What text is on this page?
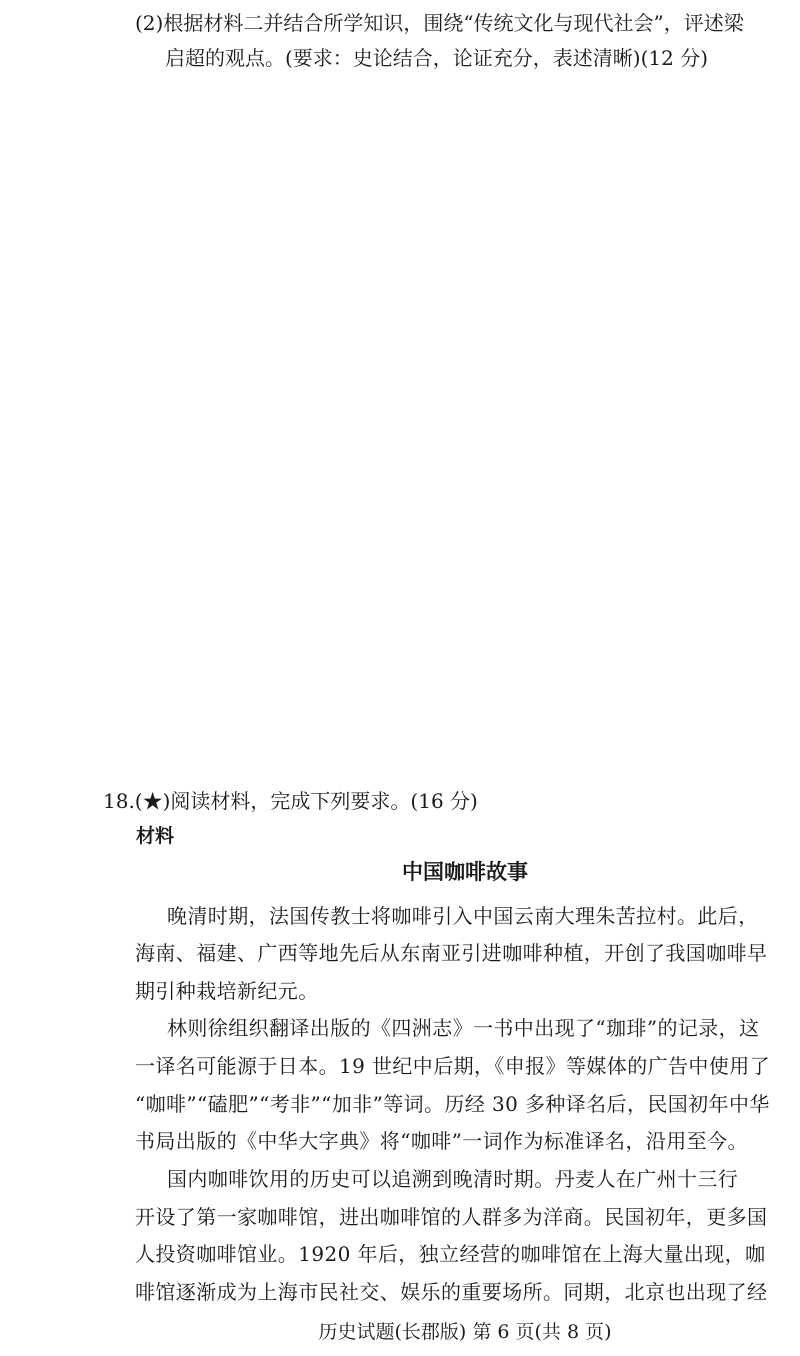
(2)根据材料二并结合所学知识，围绕“传统文化与现代社会”，评述梁
启超的观点。(要求：史论结合，论证充分，表述清晰)(12 分)
18.(★)阅读材料，完成下列要求。(16 分)
材料
中国咖啡故事
晚清时期，法国传教士将咖啡引入中国云南大理朱苦拉村。此后，
海南、福建、广西等地先后从东南亚引进咖啡种植，开创了我国咖啡早
期引种栽培新纪元。
林则徐组织翻译出版的《四洲志》一书中出现了“珈琲”的记录，这
一译名可能源于日本。19 世纪中后期，《申报》等媒体的广告中使用了
“咖啡”“磕肥”“考非”“加非”等词。历经 30 多种译名后，民国初年中华
书局出版的《中华大字典》将“咖啡”一词作为标准译名，沿用至今。
国内咖啡饮用的历史可以追溯到晚清时期。丹麦人在广州十三行
开设了第一家咖啡馆，进出咖啡馆的人群多为洋商。民国初年，更多国
人投资咖啡馆业。1920 年后，独立经营的咖啡馆在上海大量出现，咖
啡馆逐渐成为上海市民社交、娱乐的重要场所。同期，北京也出现了经
历史试题(长郡版) 第 6 页(共 8 页)
